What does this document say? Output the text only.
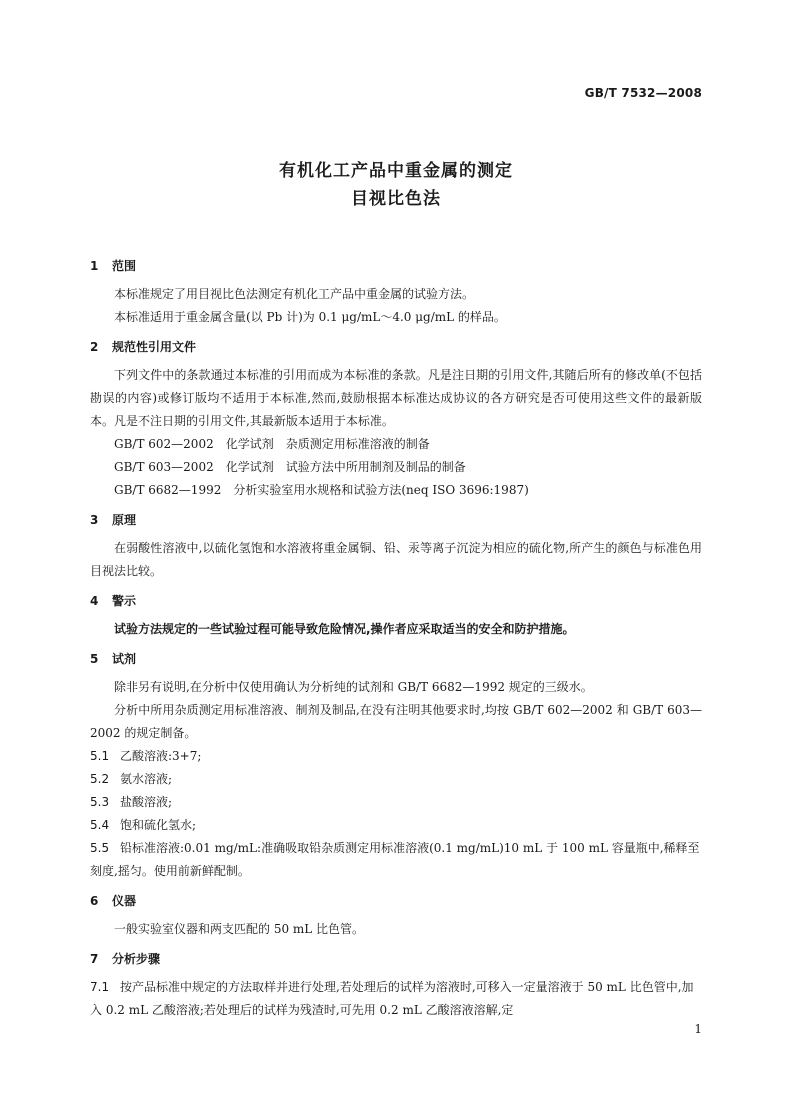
GB/T 7532—2008
有机化工产品中重金属的测定
目视比色法
1 范围
本标准规定了用目视比色法测定有机化工产品中重金属的试验方法。
本标准适用于重金属含量(以 Pb 计)为 0.1 μg/mL～4.0 μg/mL 的样品。
2 规范性引用文件
下列文件中的条款通过本标准的引用而成为本标准的条款。凡是注日期的引用文件,其随后所有的修改单(不包括勘误的内容)或修订版均不适用于本标准,然而,鼓励根据本标准达成协议的各方研究是否可使用这些文件的最新版本。凡是不注日期的引用文件,其最新版本适用于本标准。
GB/T 602—2002　化学试剂　杂质测定用标准溶液的制备
GB/T 603—2002　化学试剂　试验方法中所用制剂及制品的制备
GB/T 6682—1992　分析实验室用水规格和试验方法(neq ISO 3696:1987)
3 原理
在弱酸性溶液中,以硫化氢饱和水溶液将重金属铜、铅、汞等离子沉淀为相应的硫化物,所产生的颜色与标准色用目视法比较。
4 警示
试验方法规定的一些试验过程可能导致危险情况,操作者应采取适当的安全和防护措施。
5 试剂
除非另有说明,在分析中仅使用确认为分析纯的试剂和 GB/T 6682—1992 规定的三级水。
分析中所用杂质测定用标准溶液、制剂及制品,在没有注明其他要求时,均按 GB/T 602—2002 和 GB/T 603—2002 的规定制备。
5.1 乙酸溶液:3+7;
5.2 氨水溶液;
5.3 盐酸溶液;
5.4 饱和硫化氢水;
5.5 铅标准溶液:0.01 mg/mL:准确吸取铅杂质测定用标准溶液(0.1 mg/mL)10 mL 于 100 mL 容量瓶中,稀释至刻度,摇匀。使用前新鲜配制。
6 仪器
一般实验室仪器和两支匹配的 50 mL 比色管。
7 分析步骤
7.1 按产品标准中规定的方法取样并进行处理,若处理后的试样为溶液时,可移入一定量溶液于 50 mL 比色管中,加入 0.2 mL 乙酸溶液;若处理后的试样为残渣时,可先用 0.2 mL 乙酸溶液溶解,定
1
